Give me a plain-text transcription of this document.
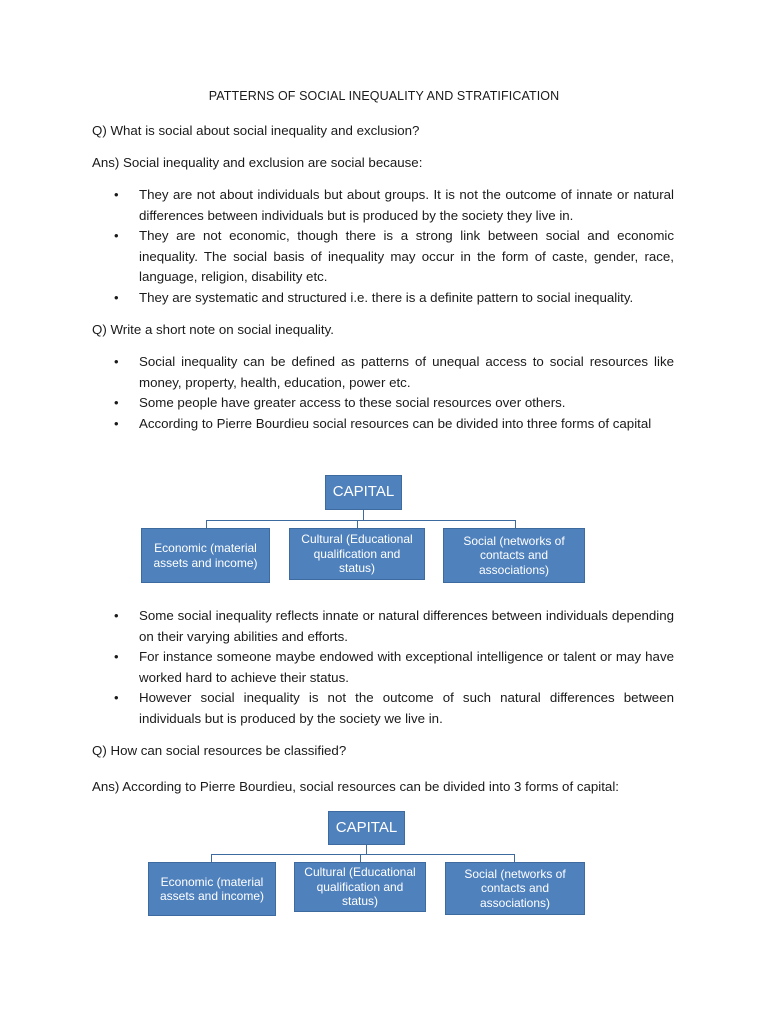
PATTERNS OF SOCIAL INEQUALITY AND STRATIFICATION
Q) What is social about social inequality and exclusion?
Ans) Social inequality and exclusion are social because:
• They are not about individuals but about groups. It is not the outcome of innate or natural differences between individuals but is produced by the society they live in.
• They are not economic, though there is a strong link between social and economic inequality. The social basis of inequality may occur in the form of caste, gender, race, language, religion, disability etc.
• They are systematic and structured i.e. there is a definite pattern to social inequality.
Q) Write a short note on social inequality.
• Social inequality can be defined as patterns of unequal access to social resources like money, property, health, education, power etc.
• Some people have greater access to these social resources over others.
• According to Pierre Bourdieu social resources can be divided into three forms of capital
CAPITAL
Economic (material assets and income)
Cultural (Educational qualification and status)
Social (networks of contacts and associations)
• Some social inequality reflects innate or natural differences between individuals depending on their varying abilities and efforts.
• For instance someone maybe endowed with exceptional intelligence or talent or may have worked hard to achieve their status.
• However social inequality is not the outcome of such natural differences between individuals but is produced by the society we live in.
Q) How can social resources be classified?
Ans) According to Pierre Bourdieu, social resources can be divided into 3 forms of capital:
CAPITAL
Economic (material assets and income)
Cultural (Educational qualification and status)
Social (networks of contacts and associations)
